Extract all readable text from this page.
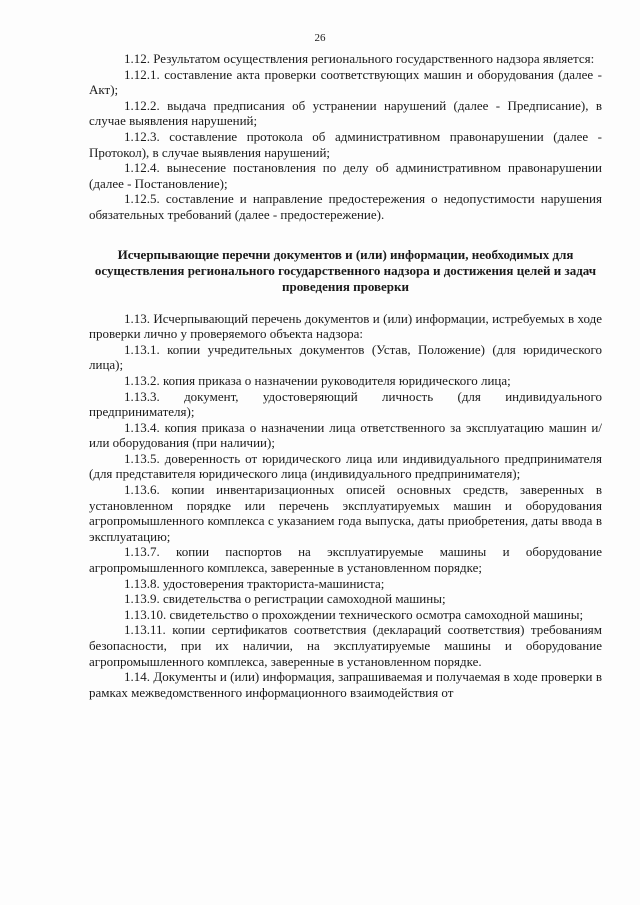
26

1.12. Результатом осуществления регионального государственного надзора является:

1.12.1. составление акта проверки соответствующих машин и оборудования (далее - Акт);

1.12.2. выдача предписания об устранении нарушений (далее - Предписание), в случае выявления нарушений;

1.12.3. составление протокола об административном правонарушении (далее - Протокол), в случае выявления нарушений;

1.12.4. вынесение постановления по делу об административном правонарушении (далее - Постановление);

1.12.5. составление и направление предостережения о недопустимости нарушения обязательных требований (далее - предостережение).

Исчерпывающие перечни документов и (или) информации, необходимых для осуществления регионального государственного надзора и достижения целей и задач проведения проверки

1.13. Исчерпывающий перечень документов и (или) информации, истребуемых в ходе проверки лично у проверяемого объекта надзора:

1.13.1. копии учредительных документов (Устав, Положение) (для юридического лица);

1.13.2. копия приказа о назначении руководителя юридического лица;

1.13.3. документ, удостоверяющий личность (для индивидуального предпринимателя);

1.13.4. копия приказа о назначении лица ответственного за эксплуатацию машин и/или оборудования (при наличии);

1.13.5. доверенность от юридического лица или индивидуального предпринимателя (для представителя юридического лица (индивидуального предпринимателя);

1.13.6. копии инвентаризационных описей основных средств, заверенных в установленном порядке или перечень эксплуатируемых машин и оборудования агропромышленного комплекса с указанием года выпуска, даты приобретения, даты ввода в эксплуатацию;

1.13.7. копии паспортов на эксплуатируемые машины и оборудование агропромышленного комплекса, заверенные в установленном порядке;

1.13.8. удостоверения тракториста-машиниста;

1.13.9. свидетельства о регистрации самоходной машины;

1.13.10. свидетельство о прохождении технического осмотра самоходной машины;

1.13.11. копии сертификатов соответствия (деклараций соответствия) требованиям безопасности, при их наличии, на эксплуатируемые машины и оборудование агропромышленного комплекса, заверенные в установленном порядке.

1.14. Документы и (или) информация, запрашиваемая и получаемая в ходе проверки в рамках межведомственного информационного взаимодействия от
